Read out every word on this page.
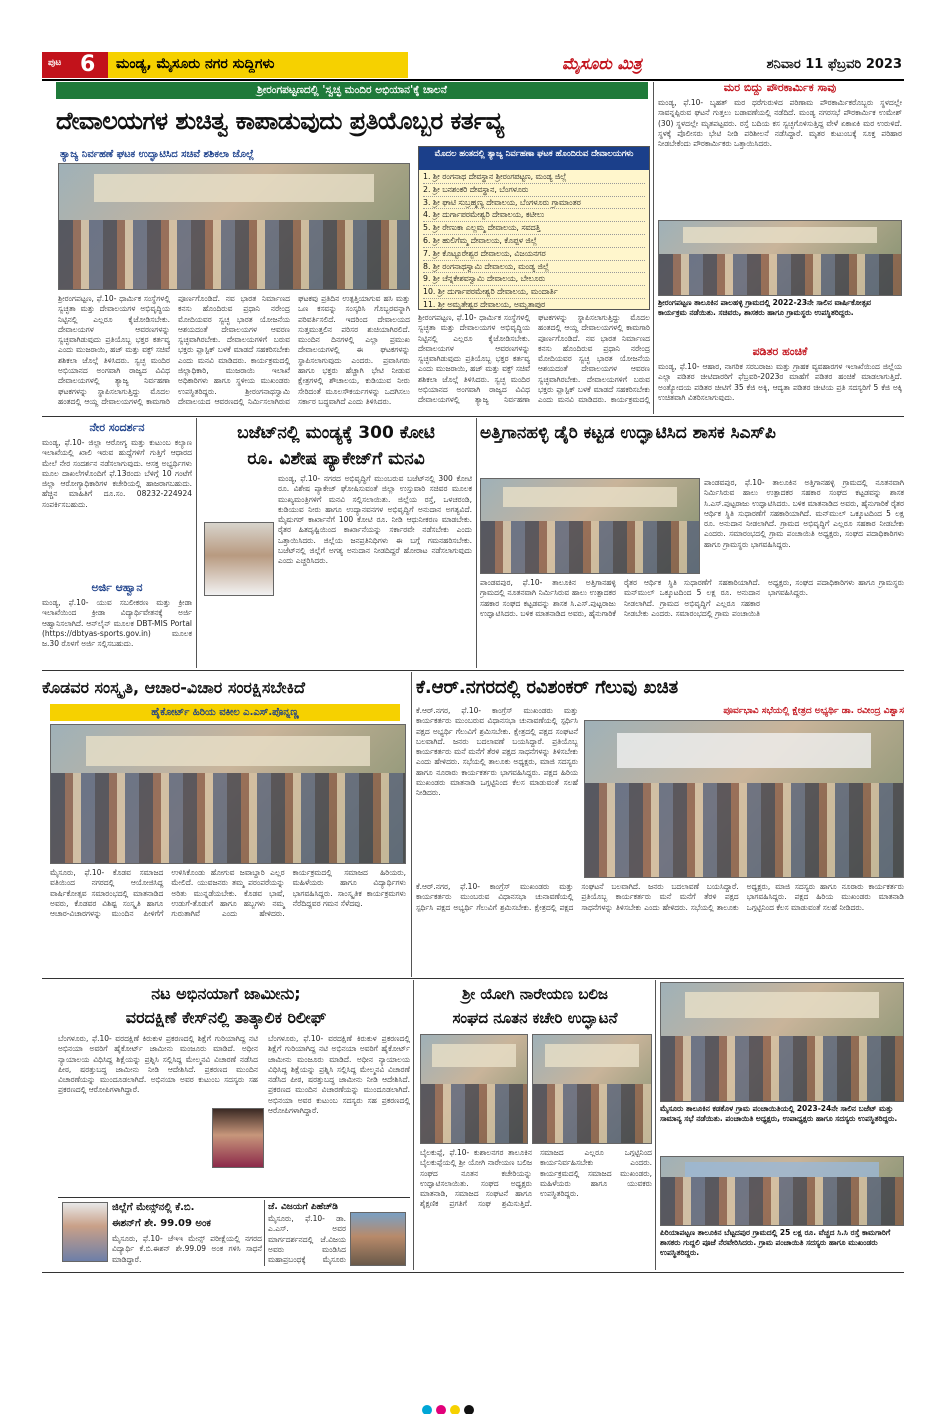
ಪುಟ 6 ಮಂಡ್ಯ, ಮೈಸೂರು ನಗರ ಸುದ್ದಿಗಳು	ಮೈಸೂರು ಮಿತ್ರ	ಶನಿವಾರ 11 ಫೆಬ್ರವರಿ 2023
ಶ್ರೀರಂಗಪಟ್ಟಣದಲ್ಲಿ 'ಸ್ವಚ್ಛ ಮಂದಿರ ಅಭಿಯಾನ'ಕ್ಕೆ ಚಾಲನೆ
ದೇವಾಲಯಗಳ ಶುಚಿತ್ವ ಕಾಪಾಡುವುದು ಪ್ರತಿಯೊಬ್ಬರ ಕರ್ತವ್ಯ
ತ್ಯಾಜ್ಯ ನಿರ್ವಹಣೆ ಘಟಕ ಉದ್ಘಾಟಿಸಿದ ಸಚಿವೆ ಶಶಿಕಲಾ ಜೊಲ್ಲೆ
ಶ್ರೀರಂಗಪಟ್ಟಣ, ಫೆ.10- ಧಾರ್ಮಿಕ ಸಂಸ್ಥೆಗಳಲ್ಲಿ ಸ್ವಚ್ಛತಾ ಮತ್ತು ದೇವಾಲಯಗಳ ಅಭಿವೃದ್ಧಿಯ ನಿಟ್ಟಿನಲ್ಲಿ ಎಲ್ಲರೂ ಕೈಜೋಡಿಸಬೇಕು. ದೇವಾಲಯಗಳ ಆವರಣಗಳನ್ನು ಸ್ವಚ್ಛವಾಗಿಡುವುದು ಪ್ರತಿಯೊಬ್ಬ ಭಕ್ತರ ಕರ್ತವ್ಯ ಎಂದು ಮುಜರಾಯಿ, ಹಜ್ ಮತ್ತು ವಕ್ಫ್ ಸಚಿವೆ ಶಶಿಕಲಾ ಜೊಲ್ಲೆ ತಿಳಿಸಿದರು. ಸ್ವಚ್ಛ ಮಂದಿರ ಅಭಿಯಾನದ ಅಂಗವಾಗಿ ರಾಜ್ಯದ ವಿವಿಧ ದೇವಾಲಯಗಳಲ್ಲಿ ತ್ಯಾಜ್ಯ ನಿರ್ವಹಣಾ ಘಟಕಗಳನ್ನು ಸ್ಥಾಪಿಸಲಾಗುತ್ತಿದ್ದು ಮೊದಲ ಹಂತದಲ್ಲಿ ಆಯ್ದ ದೇವಾಲಯಗಳಲ್ಲಿ ಕಾಮಗಾರಿ ಪೂರ್ಣಗೊಂಡಿದೆ. ನವ ಭಾರತ ನಿರ್ಮಾಣದ ಕನಸು ಹೊಂದಿರುವ ಪ್ರಧಾನಿ ನರೇಂದ್ರ ಮೋದಿಯವರ ಸ್ವಚ್ಛ ಭಾರತ ಯೋಜನೆಯ ಆಶಯದಂತೆ ದೇವಾಲಯಗಳ ಆವರಣ ಸ್ವಚ್ಛವಾಗಿರಬೇಕು. ದೇವಾಲಯಗಳಿಗೆ ಬರುವ ಭಕ್ತರು ಪ್ಲಾಸ್ಟಿಕ್ ಬಳಕೆ ಮಾಡದೆ ಸಹಕರಿಸಬೇಕು ಎಂದು ಮನವಿ ಮಾಡಿದರು. ಕಾರ್ಯಕ್ರಮದಲ್ಲಿ ಜಿಲ್ಲಾಧಿಕಾರಿ, ಮುಜರಾಯಿ ಇಲಾಖೆ ಅಧಿಕಾರಿಗಳು ಹಾಗೂ ಸ್ಥಳೀಯ ಮುಖಂಡರು ಉಪಸ್ಥಿತರಿದ್ದರು. ಶ್ರೀರಂಗನಾಥಸ್ವಾಮಿ ದೇವಾಲಯದ ಆವರಣದಲ್ಲಿ ನಿರ್ಮಿಸಲಾಗಿರುವ ಘಟಕವು ಪ್ರತಿದಿನ ಉತ್ಪತ್ತಿಯಾಗುವ ಹಸಿ ಮತ್ತು ಒಣ ಕಸವನ್ನು ಸಂಸ್ಕರಿಸಿ ಗೊಬ್ಬರವನ್ನಾಗಿ ಪರಿವರ್ತಿಸಲಿದೆ. ಇದರಿಂದ ದೇವಾಲಯದ ಸುತ್ತಮುತ್ತಲಿನ ಪರಿಸರ ಶುಚಿಯಾಗಿರಲಿದೆ. ಮುಂದಿನ ದಿನಗಳಲ್ಲಿ ಎಲ್ಲಾ ಪ್ರಮುಖ ದೇವಾಲಯಗಳಲ್ಲಿ ಈ ಘಟಕಗಳನ್ನು ಸ್ಥಾಪಿಸಲಾಗುವುದು ಎಂದರು. ಪ್ರವಾಸಿಗರು ಹಾಗೂ ಭಕ್ತರು ಹೆಚ್ಚಾಗಿ ಭೇಟಿ ನೀಡುವ ಕ್ಷೇತ್ರಗಳಲ್ಲಿ ಶೌಚಾಲಯ, ಕುಡಿಯುವ ನೀರು ಸೇರಿದಂತೆ ಮೂಲಸೌಕರ್ಯಗಳನ್ನು ಒದಗಿಸಲು ಸರ್ಕಾರ ಬದ್ಧವಾಗಿದೆ ಎಂದು ತಿಳಿಸಿದರು.
ಮೊದಲ ಹಂತದಲ್ಲಿ ತ್ಯಾಜ್ಯ ನಿರ್ವಹಣಾ ಘಟಕ ಹೊಂದಿರುವ ದೇವಾಲಯಗಳು
1. ಶ್ರೀ ರಂಗನಾಥ ದೇವಸ್ಥಾನ ಶ್ರೀರಂಗಪಟ್ಟಣ, ಮಂಡ್ಯ ಜಿಲ್ಲೆ
2. ಶ್ರೀ ಬನಶಂಕರಿ ದೇವಸ್ಥಾನ, ಬೆಂಗಳೂರು
3. ಶ್ರೀ ಘಾಟಿ ಸುಬ್ರಹ್ಮಣ್ಯ ದೇವಾಲಯ, ಬೆಂಗಳೂರು ಗ್ರಾಮಾಂತರ
4. ಶ್ರೀ ದುರ್ಗಾಪರಮೇಶ್ವರಿ ದೇವಾಲಯ, ಕಟೀಲು
5. ಶ್ರೀ ರೇಣುಕಾ ಎಲ್ಲಮ್ಮ ದೇವಾಲಯ, ಸವದತ್ತಿ
6. ಶ್ರೀ ಹುಲಿಗೆಮ್ಮ ದೇವಾಲಯ, ಕೊಪ್ಪಳ ಜಿಲ್ಲೆ
7. ಶ್ರೀ ಕೊಟ್ಟೂರೇಶ್ವರ ದೇವಾಲಯ, ವಿಜಯನಗರ
8. ಶ್ರೀ ರಂಗನಾಥಸ್ವಾಮಿ ದೇವಾಲಯ, ಮಂಡ್ಯ ಜಿಲ್ಲೆ
9. ಶ್ರೀ ಚೆನ್ನಕೇಶವಸ್ವಾಮಿ ದೇವಾಲಯ, ಬೇಲೂರು
10. ಶ್ರೀ ದುರ್ಗಾಪರಮೇಶ್ವರಿ ದೇವಾಲಯ, ಮಂದಾರ್ತಿ
11. ಶ್ರೀ ಅಮೃತೇಶ್ವರ ದೇವಾಲಯ, ಅಮೃತಾಪುರ
ಶ್ರೀರಂಗಪಟ್ಟಣ, ಫೆ.10- ಧಾರ್ಮಿಕ ಸಂಸ್ಥೆಗಳಲ್ಲಿ ಸ್ವಚ್ಛತಾ ಮತ್ತು ದೇವಾಲಯಗಳ ಅಭಿವೃದ್ಧಿಯ ನಿಟ್ಟಿನಲ್ಲಿ ಎಲ್ಲರೂ ಕೈಜೋಡಿಸಬೇಕು. ದೇವಾಲಯಗಳ ಆವರಣಗಳನ್ನು ಸ್ವಚ್ಛವಾಗಿಡುವುದು ಪ್ರತಿಯೊಬ್ಬ ಭಕ್ತರ ಕರ್ತವ್ಯ ಎಂದು ಮುಜರಾಯಿ, ಹಜ್ ಮತ್ತು ವಕ್ಫ್ ಸಚಿವೆ ಶಶಿಕಲಾ ಜೊಲ್ಲೆ ತಿಳಿಸಿದರು. ಸ್ವಚ್ಛ ಮಂದಿರ ಅಭಿಯಾನದ ಅಂಗವಾಗಿ ರಾಜ್ಯದ ವಿವಿಧ ದೇವಾಲಯಗಳಲ್ಲಿ ತ್ಯಾಜ್ಯ ನಿರ್ವಹಣಾ ಘಟಕಗಳನ್ನು ಸ್ಥಾಪಿಸಲಾಗುತ್ತಿದ್ದು ಮೊದಲ ಹಂತದಲ್ಲಿ ಆಯ್ದ ದೇವಾಲಯಗಳಲ್ಲಿ ಕಾಮಗಾರಿ ಪೂರ್ಣಗೊಂಡಿದೆ. ನವ ಭಾರತ ನಿರ್ಮಾಣದ ಕನಸು ಹೊಂದಿರುವ ಪ್ರಧಾನಿ ನರೇಂದ್ರ ಮೋದಿಯವರ ಸ್ವಚ್ಛ ಭಾರತ ಯೋಜನೆಯ ಆಶಯದಂತೆ ದೇವಾಲಯಗಳ ಆವರಣ ಸ್ವಚ್ಛವಾಗಿರಬೇಕು. ದೇವಾಲಯಗಳಿಗೆ ಬರುವ ಭಕ್ತರು ಪ್ಲಾಸ್ಟಿಕ್ ಬಳಕೆ ಮಾಡದೆ ಸಹಕರಿಸಬೇಕು ಎಂದು ಮನವಿ ಮಾಡಿದರು. ಕಾರ್ಯಕ್ರಮದಲ್ಲಿ
ಮರ ಬಿದ್ದು ಪೌರಕಾರ್ಮಿಕ ಸಾವು
ಮಂಡ್ಯ, ಫೆ.10- ಬೃಹತ್ ಮರ ಧರೆಗುರುಳಿದ ಪರಿಣಾಮ ಪೌರಕಾರ್ಮಿಕರೊಬ್ಬರು ಸ್ಥಳದಲ್ಲೇ ಸಾವನ್ನಪ್ಪಿರುವ ಘಟನೆ ಗುತ್ತಲು ಬಡಾವಣೆಯಲ್ಲಿ ನಡೆದಿದೆ. ಮಂಡ್ಯ ನಗರಸಭೆ ಪೌರಕಾರ್ಮಿಕ ಉಮೇಶ್ (30) ಸ್ಥಳದಲ್ಲೇ ಮೃತಪಟ್ಟವರು. ರಸ್ತೆ ಬದಿಯ ಕಸ ಸ್ವಚ್ಛಗೊಳಿಸುತ್ತಿದ್ದ ವೇಳೆ ಏಕಾಏಕಿ ಮರ ಉರುಳಿದೆ. ಸ್ಥಳಕ್ಕೆ ಪೊಲೀಸರು ಭೇಟಿ ನೀಡಿ ಪರಿಶೀಲನೆ ನಡೆಸಿದ್ದಾರೆ. ಮೃತರ ಕುಟುಂಬಕ್ಕೆ ಸೂಕ್ತ ಪರಿಹಾರ ನೀಡಬೇಕೆಂದು ಪೌರಕಾರ್ಮಿಕರು ಒತ್ತಾಯಿಸಿದರು.
ಶ್ರೀರಂಗಪಟ್ಟಣ ತಾಲೂಕಿನ ಪಾಲಹಳ್ಳಿ ಗ್ರಾಮದಲ್ಲಿ 2022-23ನೇ ಸಾಲಿನ ವಾರ್ಷಿಕೋತ್ಸವ ಕಾರ್ಯಕ್ರಮ ನಡೆಯಿತು. ಸಚಿವರು, ಶಾಸಕರು ಹಾಗೂ ಗ್ರಾಮಸ್ಥರು ಉಪಸ್ಥಿತರಿದ್ದರು.
ಪಡಿತರ ಹಂಚಿಕೆ
ಮಂಡ್ಯ, ಫೆ.10- ಆಹಾರ, ನಾಗರಿಕ ಸರಬರಾಜು ಮತ್ತು ಗ್ರಾಹಕ ವ್ಯವಹಾರಗಳ ಇಲಾಖೆಯಿಂದ ಜಿಲ್ಲೆಯ ಎಲ್ಲಾ ಪಡಿತರ ಚೀಟಿದಾರರಿಗೆ ಫೆಬ್ರವರಿ-2023ರ ಮಾಹೆಗೆ ಪಡಿತರ ಹಂಚಿಕೆ ಮಾಡಲಾಗುತ್ತಿದೆ. ಅಂತ್ಯೋದಯ ಪಡಿತರ ಚೀಟಿಗೆ 35 ಕೆಜಿ ಅಕ್ಕಿ, ಆದ್ಯತಾ ಪಡಿತರ ಚೀಟಿಯ ಪ್ರತಿ ಸದಸ್ಯರಿಗೆ 5 ಕೆಜಿ ಅಕ್ಕಿ ಉಚಿತವಾಗಿ ವಿತರಿಸಲಾಗುವುದು.
ನೇರ ಸಂದರ್ಶನ
ಮಂಡ್ಯ, ಫೆ.10- ಜಿಲ್ಲಾ ಆರೋಗ್ಯ ಮತ್ತು ಕುಟುಂಬ ಕಲ್ಯಾಣ ಇಲಾಖೆಯಲ್ಲಿ ಖಾಲಿ ಇರುವ ಹುದ್ದೆಗಳಿಗೆ ಗುತ್ತಿಗೆ ಆಧಾರದ ಮೇಲೆ ನೇರ ಸಂದರ್ಶನ ನಡೆಸಲಾಗುವುದು. ಆಸಕ್ತ ಅಭ್ಯರ್ಥಿಗಳು ಮೂಲ ದಾಖಲೆಗಳೊಂದಿಗೆ ಫೆ.13ರಂದು ಬೆಳಿಗ್ಗೆ 10 ಗಂಟೆಗೆ ಜಿಲ್ಲಾ ಆರೋಗ್ಯಾಧಿಕಾರಿಗಳ ಕಚೇರಿಯಲ್ಲಿ ಹಾಜರಾಗಬಹುದು. ಹೆಚ್ಚಿನ ಮಾಹಿತಿಗೆ ದೂ.ಸಂ. 08232-224924 ಸಂಪರ್ಕಿಸಬಹುದು.
ಅರ್ಜಿ ಆಹ್ವಾನ
ಮಂಡ್ಯ, ಫೆ.10- ಯುವ ಸಬಲೀಕರಣ ಮತ್ತು ಕ್ರೀಡಾ ಇಲಾಖೆಯಿಂದ ಕ್ರೀಡಾ ವಿದ್ಯಾರ್ಥಿವೇತನಕ್ಕೆ ಅರ್ಜಿ ಆಹ್ವಾನಿಸಲಾಗಿದೆ. ಆನ್‌ಲೈನ್ ಮೂಲಕ DBT-MIS Portal (https://dbtyas-sports.gov.in) ಮೂಲಕ ಜ.30 ರೊಳಗೆ ಅರ್ಜಿ ಸಲ್ಲಿಸಬಹುದು.
ಬಜೆಟ್‌ನಲ್ಲಿ ಮಂಡ್ಯಕ್ಕೆ 300 ಕೋಟಿ
ರೂ. ವಿಶೇಷ ಪ್ಯಾಕೇಜ್‌ಗೆ ಮನವಿ
ಮಂಡ್ಯ, ಫೆ.10- ನಗರದ ಅಭಿವೃದ್ಧಿಗೆ ಮುಂಬರುವ ಬಜೆಟ್‌ನಲ್ಲಿ 300 ಕೋಟಿ ರೂ. ವಿಶೇಷ ಪ್ಯಾಕೇಜ್ ಘೋಷಿಸುವಂತೆ ಜಿಲ್ಲಾ ಉಸ್ತುವಾರಿ ಸಚಿವರ ಮೂಲಕ ಮುಖ್ಯಮಂತ್ರಿಗಳಿಗೆ ಮನವಿ ಸಲ್ಲಿಸಲಾಯಿತು. ಜಿಲ್ಲೆಯ ರಸ್ತೆ, ಒಳಚರಂಡಿ, ಕುಡಿಯುವ ನೀರು ಹಾಗೂ ಉದ್ಯಾನವನಗಳ ಅಭಿವೃದ್ಧಿಗೆ ಅನುದಾನ ಅಗತ್ಯವಿದೆ. ಮೈಷುಗರ್ ಕಾರ್ಖಾನೆಗೆ 100 ಕೋಟಿ ರೂ. ನೀಡಿ ಆಧುನೀಕರಣ ಮಾಡಬೇಕು. ರೈತರ ಹಿತದೃಷ್ಟಿಯಿಂದ ಕಾರ್ಖಾನೆಯನ್ನು ಸರ್ಕಾರವೇ ನಡೆಸಬೇಕು ಎಂದು ಒತ್ತಾಯಿಸಿದರು. ಜಿಲ್ಲೆಯ ಜನಪ್ರತಿನಿಧಿಗಳು ಈ ಬಗ್ಗೆ ಗಮನಹರಿಸಬೇಕು. ಬಜೆಟ್‌ನಲ್ಲಿ ಜಿಲ್ಲೆಗೆ ಅಗತ್ಯ ಅನುದಾನ ನೀಡದಿದ್ದರೆ ಹೋರಾಟ ನಡೆಸಲಾಗುವುದು ಎಂದು ಎಚ್ಚರಿಸಿದರು.
ಅತ್ತಿಗಾನಹಳ್ಳಿ ಡೈರಿ ಕಟ್ಟಡ ಉದ್ಘಾಟಿಸಿದ ಶಾಸಕ ಸಿಎಸ್‌ಪಿ
ಪಾಂಡವಪುರ, ಫೆ.10- ತಾಲೂಕಿನ ಅತ್ತಿಗಾನಹಳ್ಳಿ ಗ್ರಾಮದಲ್ಲಿ ನೂತನವಾಗಿ ನಿರ್ಮಿಸಿರುವ ಹಾಲು ಉತ್ಪಾದಕರ ಸಹಕಾರ ಸಂಘದ ಕಟ್ಟಡವನ್ನು ಶಾಸಕ ಸಿ.ಎಸ್.ಪುಟ್ಟರಾಜು ಉದ್ಘಾಟಿಸಿದರು. ಬಳಿಕ ಮಾತನಾಡಿದ ಅವರು, ಹೈನುಗಾರಿಕೆ ರೈತರ ಆರ್ಥಿಕ ಸ್ಥಿತಿ ಸುಧಾರಣೆಗೆ ಸಹಕಾರಿಯಾಗಿದೆ. ಮನ್‌ಮುಲ್ ಒಕ್ಕೂಟದಿಂದ 5 ಲಕ್ಷ ರೂ. ಅನುದಾನ ನೀಡಲಾಗಿದೆ. ಗ್ರಾಮದ ಅಭಿವೃದ್ಧಿಗೆ ಎಲ್ಲರೂ ಸಹಕಾರ ನೀಡಬೇಕು ಎಂದರು. ಸಮಾರಂಭದಲ್ಲಿ ಗ್ರಾಮ ಪಂಚಾಯಿತಿ ಅಧ್ಯಕ್ಷರು, ಸಂಘದ ಪದಾಧಿಕಾರಿಗಳು ಹಾಗೂ ಗ್ರಾಮಸ್ಥರು ಭಾಗವಹಿಸಿದ್ದರು.
ಪಾಂಡವಪುರ, ಫೆ.10- ತಾಲೂಕಿನ ಅತ್ತಿಗಾನಹಳ್ಳಿ ಗ್ರಾಮದಲ್ಲಿ ನೂತನವಾಗಿ ನಿರ್ಮಿಸಿರುವ ಹಾಲು ಉತ್ಪಾದಕರ ಸಹಕಾರ ಸಂಘದ ಕಟ್ಟಡವನ್ನು ಶಾಸಕ ಸಿ.ಎಸ್.ಪುಟ್ಟರಾಜು ಉದ್ಘಾಟಿಸಿದರು. ಬಳಿಕ ಮಾತನಾಡಿದ ಅವರು, ಹೈನುಗಾರಿಕೆ ರೈತರ ಆರ್ಥಿಕ ಸ್ಥಿತಿ ಸುಧಾರಣೆಗೆ ಸಹಕಾರಿಯಾಗಿದೆ. ಮನ್‌ಮುಲ್ ಒಕ್ಕೂಟದಿಂದ 5 ಲಕ್ಷ ರೂ. ಅನುದಾನ ನೀಡಲಾಗಿದೆ. ಗ್ರಾಮದ ಅಭಿವೃದ್ಧಿಗೆ ಎಲ್ಲರೂ ಸಹಕಾರ ನೀಡಬೇಕು ಎಂದರು. ಸಮಾರಂಭದಲ್ಲಿ ಗ್ರಾಮ ಪಂಚಾಯಿತಿ ಅಧ್ಯಕ್ಷರು, ಸಂಘದ ಪದಾಧಿಕಾರಿಗಳು ಹಾಗೂ ಗ್ರಾಮಸ್ಥರು ಭಾಗವಹಿಸಿದ್ದರು.
ಕೊಡವರ ಸಂಸ್ಕೃತಿ, ಆಚಾರ-ವಿಚಾರ ಸಂರಕ್ಷಿಸಬೇಕಿದೆ
ಹೈಕೋರ್ಟ್ ಹಿರಿಯ ವಕೀಲ ಎ.ಎಸ್.ಪೊನ್ನಣ್ಣ
ಮೈಸೂರು, ಫೆ.10- ಕೊಡವ ಸಮಾಜದ ವತಿಯಿಂದ ನಗರದಲ್ಲಿ ಆಯೋಜಿಸಿದ್ದ ವಾರ್ಷಿಕೋತ್ಸವ ಸಮಾರಂಭದಲ್ಲಿ ಮಾತನಾಡಿದ ಅವರು, ಕೊಡವರ ವಿಶಿಷ್ಟ ಸಂಸ್ಕೃತಿ ಹಾಗೂ ಆಚಾರ-ವಿಚಾರಗಳನ್ನು ಮುಂದಿನ ಪೀಳಿಗೆಗೆ ಉಳಿಸಿಕೊಂಡು ಹೋಗುವ ಜವಾಬ್ದಾರಿ ಎಲ್ಲರ ಮೇಲಿದೆ. ಯುವಜನರು ತಮ್ಮ ಪರಂಪರೆಯನ್ನು ಅರಿತು ಮುನ್ನಡೆಯಬೇಕು. ಕೊಡವ ಭಾಷೆ, ಉಡುಗೆ-ತೊಡುಗೆ ಹಾಗೂ ಹಬ್ಬಗಳು ನಮ್ಮ ಗುರುತಾಗಿವೆ ಎಂದು ಹೇಳಿದರು. ಕಾರ್ಯಕ್ರಮದಲ್ಲಿ ಸಮಾಜದ ಹಿರಿಯರು, ಮಹಿಳೆಯರು ಹಾಗೂ ವಿದ್ಯಾರ್ಥಿಗಳು ಭಾಗವಹಿಸಿದ್ದರು. ಸಾಂಸ್ಕೃತಿಕ ಕಾರ್ಯಕ್ರಮಗಳು ನೆರೆದಿದ್ದವರ ಗಮನ ಸೆಳೆದವು.
ಕೆ.ಆರ್.ನಗರದಲ್ಲಿ ರವಿಶಂಕರ್ ಗೆಲುವು ಖಚಿತ
ಪೂರ್ವಭಾವಿ ಸಭೆಯಲ್ಲಿ ಕ್ಷೇತ್ರದ ಅಭ್ಯರ್ಥಿ ಡಾ. ರವೀಂದ್ರ ವಿಶ್ವಾಸ
ಕೆ.ಆರ್.ನಗರ, ಫೆ.10- ಕಾಂಗ್ರೆಸ್ ಮುಖಂಡರು ಮತ್ತು ಕಾರ್ಯಕರ್ತರು ಮುಂಬರುವ ವಿಧಾನಸಭಾ ಚುನಾವಣೆಯಲ್ಲಿ ಸ್ಪರ್ಧಿಸಿ ಪಕ್ಷದ ಅಭ್ಯರ್ಥಿ ಗೆಲುವಿಗೆ ಶ್ರಮಿಸಬೇಕು. ಕ್ಷೇತ್ರದಲ್ಲಿ ಪಕ್ಷದ ಸಂಘಟನೆ ಬಲವಾಗಿದೆ. ಜನರು ಬದಲಾವಣೆ ಬಯಸಿದ್ದಾರೆ. ಪ್ರತಿಯೊಬ್ಬ ಕಾರ್ಯಕರ್ತರು ಮನೆ ಮನೆಗೆ ತೆರಳಿ ಪಕ್ಷದ ಸಾಧನೆಗಳನ್ನು ತಿಳಿಸಬೇಕು ಎಂದು ಹೇಳಿದರು. ಸಭೆಯಲ್ಲಿ ತಾಲೂಕು ಅಧ್ಯಕ್ಷರು, ಮಾಜಿ ಸದಸ್ಯರು ಹಾಗೂ ನೂರಾರು ಕಾರ್ಯಕರ್ತರು ಭಾಗವಹಿಸಿದ್ದರು. ಪಕ್ಷದ ಹಿರಿಯ ಮುಖಂಡರು ಮಾತನಾಡಿ ಒಗ್ಗಟ್ಟಿನಿಂದ ಕೆಲಸ ಮಾಡುವಂತೆ ಸಲಹೆ ನೀಡಿದರು.
ಕೆ.ಆರ್.ನಗರ, ಫೆ.10- ಕಾಂಗ್ರೆಸ್ ಮುಖಂಡರು ಮತ್ತು ಕಾರ್ಯಕರ್ತರು ಮುಂಬರುವ ವಿಧಾನಸಭಾ ಚುನಾವಣೆಯಲ್ಲಿ ಸ್ಪರ್ಧಿಸಿ ಪಕ್ಷದ ಅಭ್ಯರ್ಥಿ ಗೆಲುವಿಗೆ ಶ್ರಮಿಸಬೇಕು. ಕ್ಷೇತ್ರದಲ್ಲಿ ಪಕ್ಷದ ಸಂಘಟನೆ ಬಲವಾಗಿದೆ. ಜನರು ಬದಲಾವಣೆ ಬಯಸಿದ್ದಾರೆ. ಪ್ರತಿಯೊಬ್ಬ ಕಾರ್ಯಕರ್ತರು ಮನೆ ಮನೆಗೆ ತೆರಳಿ ಪಕ್ಷದ ಸಾಧನೆಗಳನ್ನು ತಿಳಿಸಬೇಕು ಎಂದು ಹೇಳಿದರು. ಸಭೆಯಲ್ಲಿ ತಾಲೂಕು ಅಧ್ಯಕ್ಷರು, ಮಾಜಿ ಸದಸ್ಯರು ಹಾಗೂ ನೂರಾರು ಕಾರ್ಯಕರ್ತರು ಭಾಗವಹಿಸಿದ್ದರು. ಪಕ್ಷದ ಹಿರಿಯ ಮುಖಂಡರು ಮಾತನಾಡಿ ಒಗ್ಗಟ್ಟಿನಿಂದ ಕೆಲಸ ಮಾಡುವಂತೆ ಸಲಹೆ ನೀಡಿದರು.
ನಟ ಅಭಿನಯಾಗೆ ಜಾಮೀನು;
ವರದಕ್ಷಿಣೆ ಕೇಸ್‌ನಲ್ಲಿ ತಾತ್ಕಾಲಿಕ ರಿಲೀಫ್
ಬೆಂಗಳೂರು, ಫೆ.10- ವರದಕ್ಷಿಣೆ ಕಿರುಕುಳ ಪ್ರಕರಣದಲ್ಲಿ ಶಿಕ್ಷೆಗೆ ಗುರಿಯಾಗಿದ್ದ ನಟಿ ಅಭಿನಯಾ ಅವರಿಗೆ ಹೈಕೋರ್ಟ್ ಜಾಮೀನು ಮಂಜೂರು ಮಾಡಿದೆ. ಅಧೀನ ನ್ಯಾಯಾಲಯ ವಿಧಿಸಿದ್ದ ಶಿಕ್ಷೆಯನ್ನು ಪ್ರಶ್ನಿಸಿ ಸಲ್ಲಿಸಿದ್ದ ಮೇಲ್ಮನವಿ ವಿಚಾರಣೆ ನಡೆಸಿದ ಪೀಠ, ಷರತ್ತುಬದ್ಧ ಜಾಮೀನು ನೀಡಿ ಆದೇಶಿಸಿದೆ. ಪ್ರಕರಣದ ಮುಂದಿನ ವಿಚಾರಣೆಯನ್ನು ಮುಂದೂಡಲಾಗಿದೆ. ಅಭಿನಯಾ ಅವರ ಕುಟುಂಬ ಸದಸ್ಯರು ಸಹ ಪ್ರಕರಣದಲ್ಲಿ ಆರೋಪಿಗಳಾಗಿದ್ದಾರೆ.
ಬೆಂಗಳೂರು, ಫೆ.10- ವರದಕ್ಷಿಣೆ ಕಿರುಕುಳ ಪ್ರಕರಣದಲ್ಲಿ ಶಿಕ್ಷೆಗೆ ಗುರಿಯಾಗಿದ್ದ ನಟಿ ಅಭಿನಯಾ ಅವರಿಗೆ ಹೈಕೋರ್ಟ್ ಜಾಮೀನು ಮಂಜೂರು ಮಾಡಿದೆ. ಅಧೀನ ನ್ಯಾಯಾಲಯ ವಿಧಿಸಿದ್ದ ಶಿಕ್ಷೆಯನ್ನು ಪ್ರಶ್ನಿಸಿ ಸಲ್ಲಿಸಿದ್ದ ಮೇಲ್ಮನವಿ ವಿಚಾರಣೆ ನಡೆಸಿದ ಪೀಠ, ಷರತ್ತುಬದ್ಧ ಜಾಮೀನು ನೀಡಿ ಆದೇಶಿಸಿದೆ. ಪ್ರಕರಣದ ಮುಂದಿನ ವಿಚಾರಣೆಯನ್ನು ಮುಂದೂಡಲಾಗಿದೆ. ಅಭಿನಯಾ ಅವರ ಕುಟುಂಬ ಸದಸ್ಯರು ಸಹ ಪ್ರಕರಣದಲ್ಲಿ ಆರೋಪಿಗಳಾಗಿದ್ದಾರೆ.
ಜಿಲ್ಲೆಗೆ ಮೇನ್ಸ್‌ನಲ್ಲಿ ಕೆ.ಬಿ.
ಈಶನ್‌ಗೆ ಶೇ. 99.09 ಅಂಕ
ಮೈಸೂರು, ಫೆ.10- ಜೆಇಇ ಮೇನ್ಸ್ ಪರೀಕ್ಷೆಯಲ್ಲಿ ನಗರದ ವಿದ್ಯಾರ್ಥಿ ಕೆ.ಬಿ.ಈಶನ್ ಶೇ.99.09 ಅಂಕ ಗಳಿಸಿ ಸಾಧನೆ ಮಾಡಿದ್ದಾರೆ.
ಜೆ. ವಿಜಯಗೆ ಪಿಹೆಚ್‌ಡಿ
ಮೈಸೂರು, ಫೆ.10- ಡಾ. ಎ.ಎಸ್. ಅವರ ಮಾರ್ಗದರ್ಶನದಲ್ಲಿ ಜೆ.ವಿಜಯ ಅವರು ಮಂಡಿಸಿದ ಮಹಾಪ್ರಬಂಧಕ್ಕೆ ಮೈಸೂರು
ಶ್ರೀ ಯೋಗಿ ನಾರೇಯಣ ಬಲಿಜ
ಸಂಘದ ನೂತನ ಕಚೇರಿ ಉದ್ಘಾಟನೆ
ಬೈಲಕುಪ್ಪೆ, ಫೆ.10- ಕುಶಾಲನಗರ ತಾಲೂಕಿನ ಬೈಲಕುಪ್ಪೆಯಲ್ಲಿ ಶ್ರೀ ಯೋಗಿ ನಾರೇಯಣ ಬಲಿಜ ಸಂಘದ ನೂತನ ಕಚೇರಿಯನ್ನು ಉದ್ಘಾಟಿಸಲಾಯಿತು. ಸಂಘದ ಅಧ್ಯಕ್ಷರು ಮಾತನಾಡಿ, ಸಮಾಜದ ಸಂಘಟನೆ ಹಾಗೂ ಶೈಕ್ಷಣಿಕ ಪ್ರಗತಿಗೆ ಸಂಘ ಶ್ರಮಿಸುತ್ತಿದೆ. ಸಮಾಜದ ಎಲ್ಲರೂ ಒಗ್ಗಟ್ಟಿನಿಂದ ಕಾರ್ಯನಿರ್ವಹಿಸಬೇಕು ಎಂದರು. ಕಾರ್ಯಕ್ರಮದಲ್ಲಿ ಸಮಾಜದ ಮುಖಂಡರು, ಮಹಿಳೆಯರು ಹಾಗೂ ಯುವಕರು ಉಪಸ್ಥಿತರಿದ್ದರು.
ಮೈಸೂರು ತಾಲೂಕಿನ ಕಡಕೊಳ ಗ್ರಾಮ ಪಂಚಾಯಿತಿಯಲ್ಲಿ 2023-24ನೇ ಸಾಲಿನ ಬಜೆಟ್ ಮತ್ತು ಸಾಮಾನ್ಯ ಸಭೆ ನಡೆಯಿತು. ಪಂಚಾಯಿತಿ ಅಧ್ಯಕ್ಷರು, ಉಪಾಧ್ಯಕ್ಷರು ಹಾಗೂ ಸದಸ್ಯರು ಉಪಸ್ಥಿತರಿದ್ದರು.
ಪಿರಿಯಾಪಟ್ಟಣ ತಾಲೂಕಿನ ಬೆಟ್ಟದಪುರ ಗ್ರಾಮದಲ್ಲಿ 25 ಲಕ್ಷ ರೂ. ವೆಚ್ಚದ ಸಿ.ಸಿ ರಸ್ತೆ ಕಾಮಗಾರಿಗೆ ಶಾಸಕರು ಗುದ್ದಲಿ ಪೂಜೆ ನೆರವೇರಿಸಿದರು. ಗ್ರಾಮ ಪಂಚಾಯಿತಿ ಸದಸ್ಯರು ಹಾಗೂ ಮುಖಂಡರು ಉಪಸ್ಥಿತರಿದ್ದರು.
